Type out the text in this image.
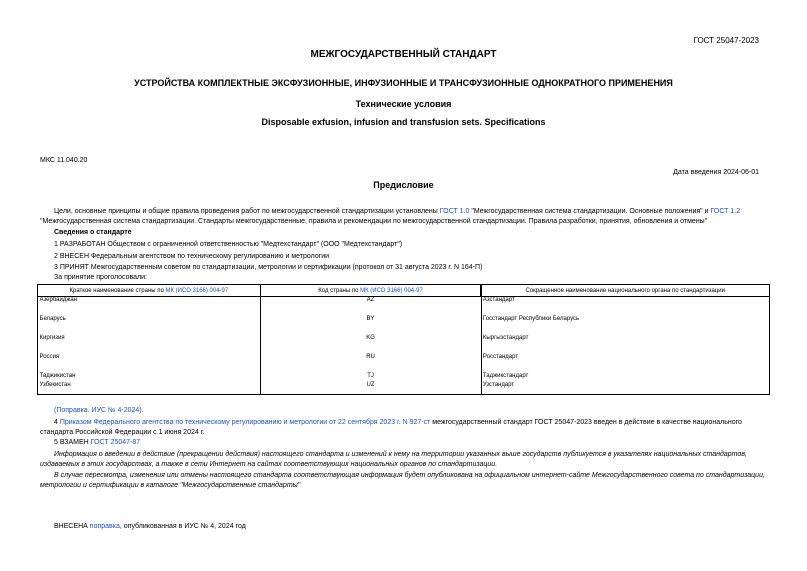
ГОСТ 25047-2023
МЕЖГОСУДАРСТВЕННЫЙ СТАНДАРТ
УСТРОЙСТВА КОМПЛЕКТНЫЕ ЭКСФУЗИОННЫЕ, ИНФУЗИОННЫЕ И ТРАНСФУЗИОННЫЕ ОДНОКРАТНОГО ПРИМЕНЕНИЯ
Технические условия
Disposable exfusion, infusion and transfusion sets. Specifications
МКС 11.040.20
Дата введения 2024-06-01
Предисловие
Цели, основные принципы и общие правила проведения работ по межгосударственной стандартизации установлены ГОСТ 1.0 "Межгосударственная система стандартизации. Основные положения" и ГОСТ 1.2 "Межгосударственная система стандартизации. Стандарты межгосударственные, правила и рекомендации по межгосударственной стандартизации. Правила разработки, принятия, обновления и отмены"
Сведения о стандарте
1 РАЗРАБОТАН Обществом с ограниченной ответственностью "Медтехстандарт" (ООО "Медтехстандарт")
2 ВНЕСЕН Федеральным агентством по техническому регулированию и метрологии
3 ПРИНЯТ Межгосударственным советом по стандартизации, метрологии и сертификации (протокол от 31 августа 2023 г. N 164-П)
За принятие проголосовали:
Краткое наименование страны по МК (ИСО 3166) 004-97	Код страны по МК (ИСО 3166) 004-97	Сокращенное наименование национального органа по стандартизации
Азербайджан	AZ	Азстандарт
Беларусь	BY	Госстандарт Республики Беларусь
Киргизия	KG	Кыргызстандарт
Россия	RU	Росстандарт
Таджикистан	TJ	Таджикстандарт
Узбекистан	UZ	Узстандарт
(Поправка. ИУС № 4-2024).
4 Приказом Федерального агентства по техническому регулированию и метрологии от 22 сентября 2023 г. N 927-ст межгосударственный стандарт ГОСТ 25047-2023 введен в действие в качестве национального стандарта Российской Федерации с 1 июня 2024 г.
5 ВЗАМЕН ГОСТ 25047-87
Информация о введении в действие (прекращении действия) настоящего стандарта и изменений к нему на территории указанных выше государств публикуется в указателях национальных стандартов, издаваемых в этих государствах, а также в сети Интернет на сайтах соответствующих национальных органов по стандартизации.
В случае пересмотра, изменения или отмены настоящего стандарта соответствующая информация будет опубликована на официальном интернет-сайте Межгосударственного совета по стандартизации, метрологии и сертификации в каталоге "Межгосударственные стандарты"
ВНЕСЕНА поправка, опубликованная в ИУС № 4, 2024 год
